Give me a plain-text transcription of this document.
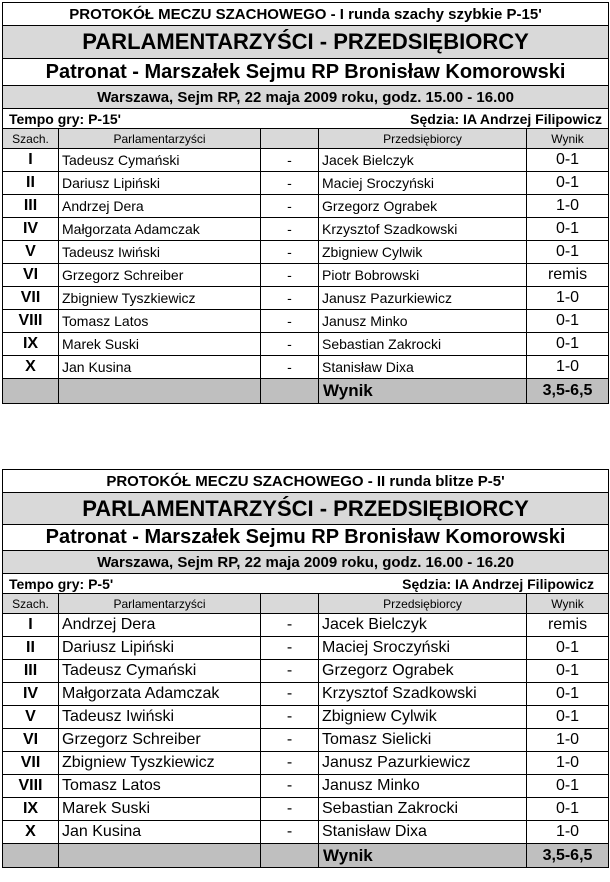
PROTOKÓŁ MECZU SZACHOWEGO - I runda szachy szybkie P-15'				
PARLAMENTARZYŚCI - PRZEDSIĘBIORCY				
Patronat - Marszałek Sejmu RP Bronisław Komorowski				
Warszawa, Sejm RP, 22 maja 2009 roku, godz. 15.00 - 16.00				

Tempo gry: P-15' Sędzia: IA Andrzej Filipowicz				

Szach.	Parlamentarzyści		Przedsiębiorcy	Wynik
I	Tadeusz Cymański	-	Jacek Bielczyk	0-1
II	Dariusz Lipiński	-	Maciej Sroczyński	0-1
III	Andrzej Dera	-	Grzegorz Ograbek	1-0
IV	Małgorzata Adamczak	-	Krzysztof Szadkowski	0-1
V	Tadeusz Iwiński	-	Zbigniew Cylwik	0-1
VI	Grzegorz Schreiber	-	Piotr Bobrowski	remis
VII	Zbigniew Tyszkiewicz	-	Janusz Pazurkiewicz	1-0
VIII	Tomasz Latos	-	Janusz Minko	0-1
IX	Marek Suski	-	Sebastian Zakrocki	0-1
X	Jan Kusina	-	Stanisław Dixa	1-0
			Wynik	3,5-6,5
PROTOKÓŁ MECZU SZACHOWEGO - II runda blitze P-5'				
PARLAMENTARZYŚCI - PRZEDSIĘBIORCY				
Patronat - Marszałek Sejmu RP Bronisław Komorowski				
Warszawa, Sejm RP, 22 maja 2009 roku, godz. 16.00 - 16.20				

Tempo gry: P-5' Sędzia: IA Andrzej Filipowicz				

Szach.	Parlamentarzyści		Przedsiębiorcy	Wynik
I	Andrzej Dera	-	Jacek Bielczyk	remis
II	Dariusz Lipiński	-	Maciej Sroczyński	0-1
III	Tadeusz Cymański	-	Grzegorz Ograbek	0-1
IV	Małgorzata Adamczak	-	Krzysztof Szadkowski	0-1
V	Tadeusz Iwiński	-	Zbigniew Cylwik	0-1
VI	Grzegorz Schreiber	-	Tomasz Sielicki	1-0
VII	Zbigniew Tyszkiewicz	-	Janusz Pazurkiewicz	1-0
VIII	Tomasz Latos	-	Janusz Minko	0-1
IX	Marek Suski	-	Sebastian Zakrocki	0-1
X	Jan Kusina	-	Stanisław Dixa	1-0
			Wynik	3,5-6,5
